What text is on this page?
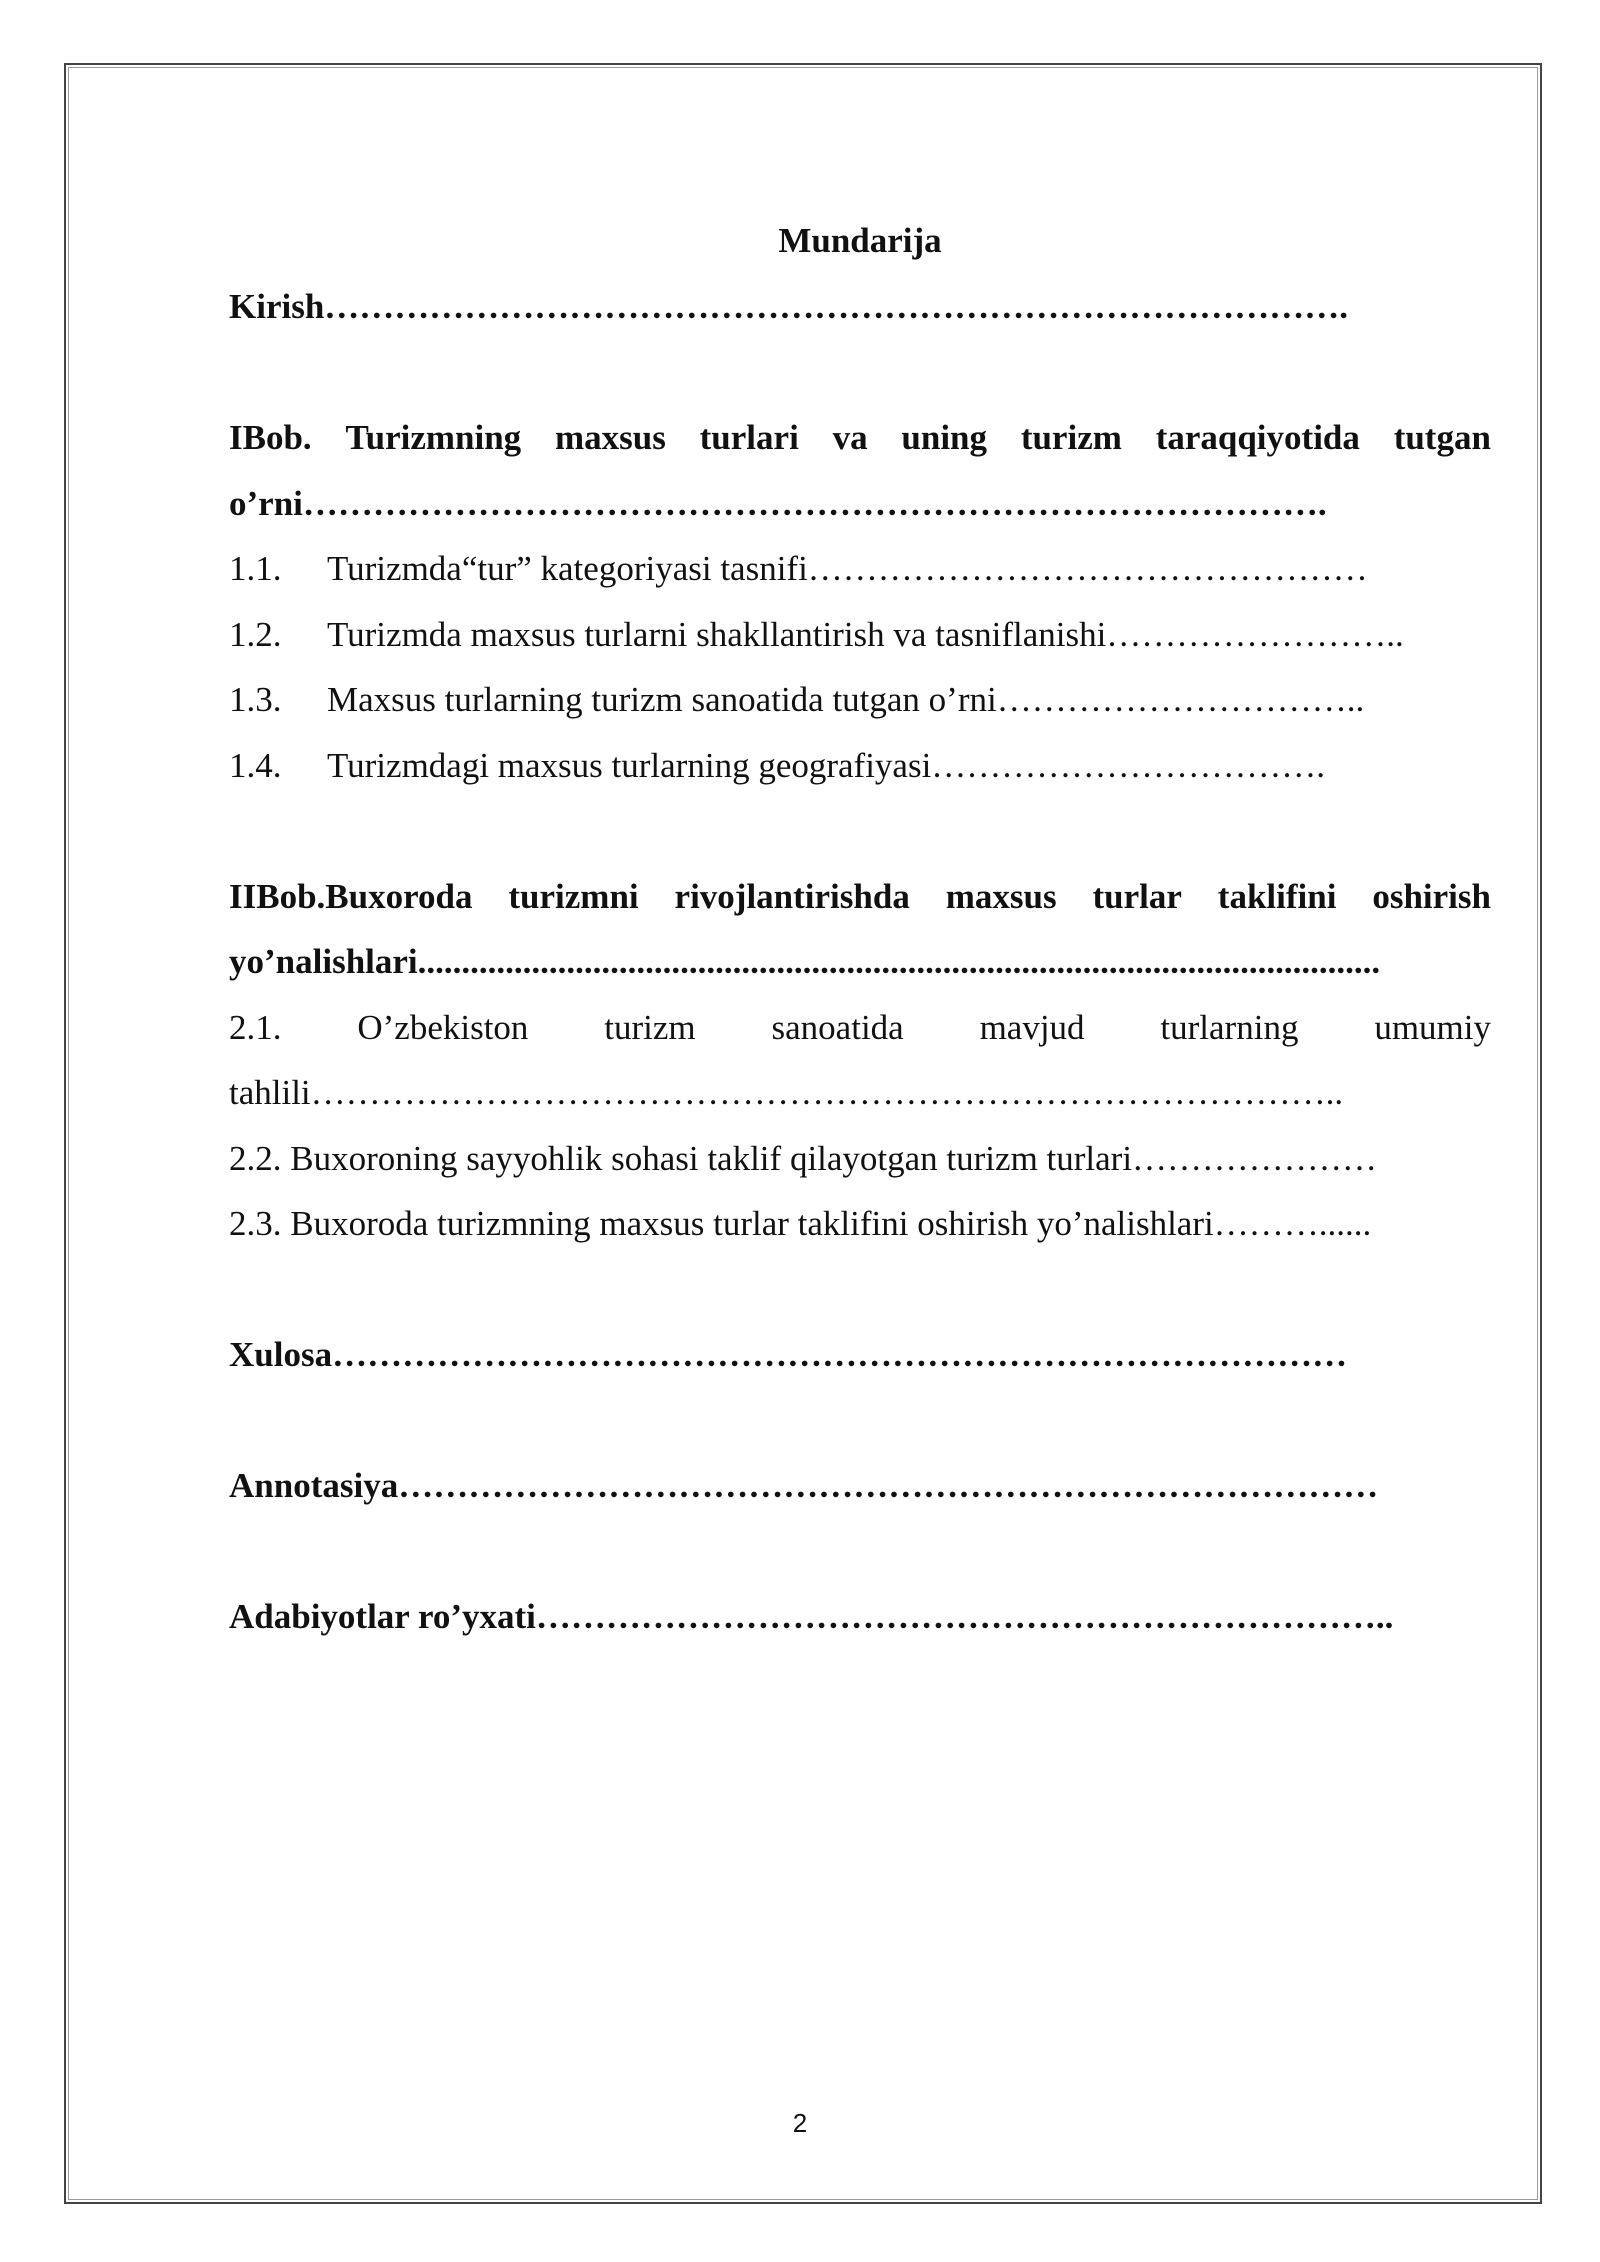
Mundarija
Kirish…………………………………………………………………………….
IBob. Turizmning maxsus turlari va uning turizm taraqqiyotida tutgan
o’rni…………………………………………………………………………….
1.1. Turizmda“tur” kategoriyasi tasnifi…………………………………………
1.2. Turizmda maxsus turlarni shakllantirish va tasniflanishi……………………..
1.3. Maxsus turlarning turizm sanoatida tutgan o’rni…………………………..
1.4. Turizmdagi maxsus turlarning geografiyasi…………………………….
IIBob.Buxoroda turizmni rivojlantirishda maxsus turlar taklifini oshirish
yo’nalishlari..............................................................................................................
2.1. O’zbekiston turizm sanoatida mavjud turlarning umumiy
tahlili……………………………………………………………………………..
2.2. Buxoroning sayyohlik sohasi taklif qilayotgan turizm turlari…………………
2.3. Buxoroda turizmning maxsus turlar taklifini oshirish yo’nalishlari………......
Xulosa……………………………………………………………………………
Annotasiya…………………………………………………………………………
Adabiyotlar ro’yxati………………………………………………………………..
2
